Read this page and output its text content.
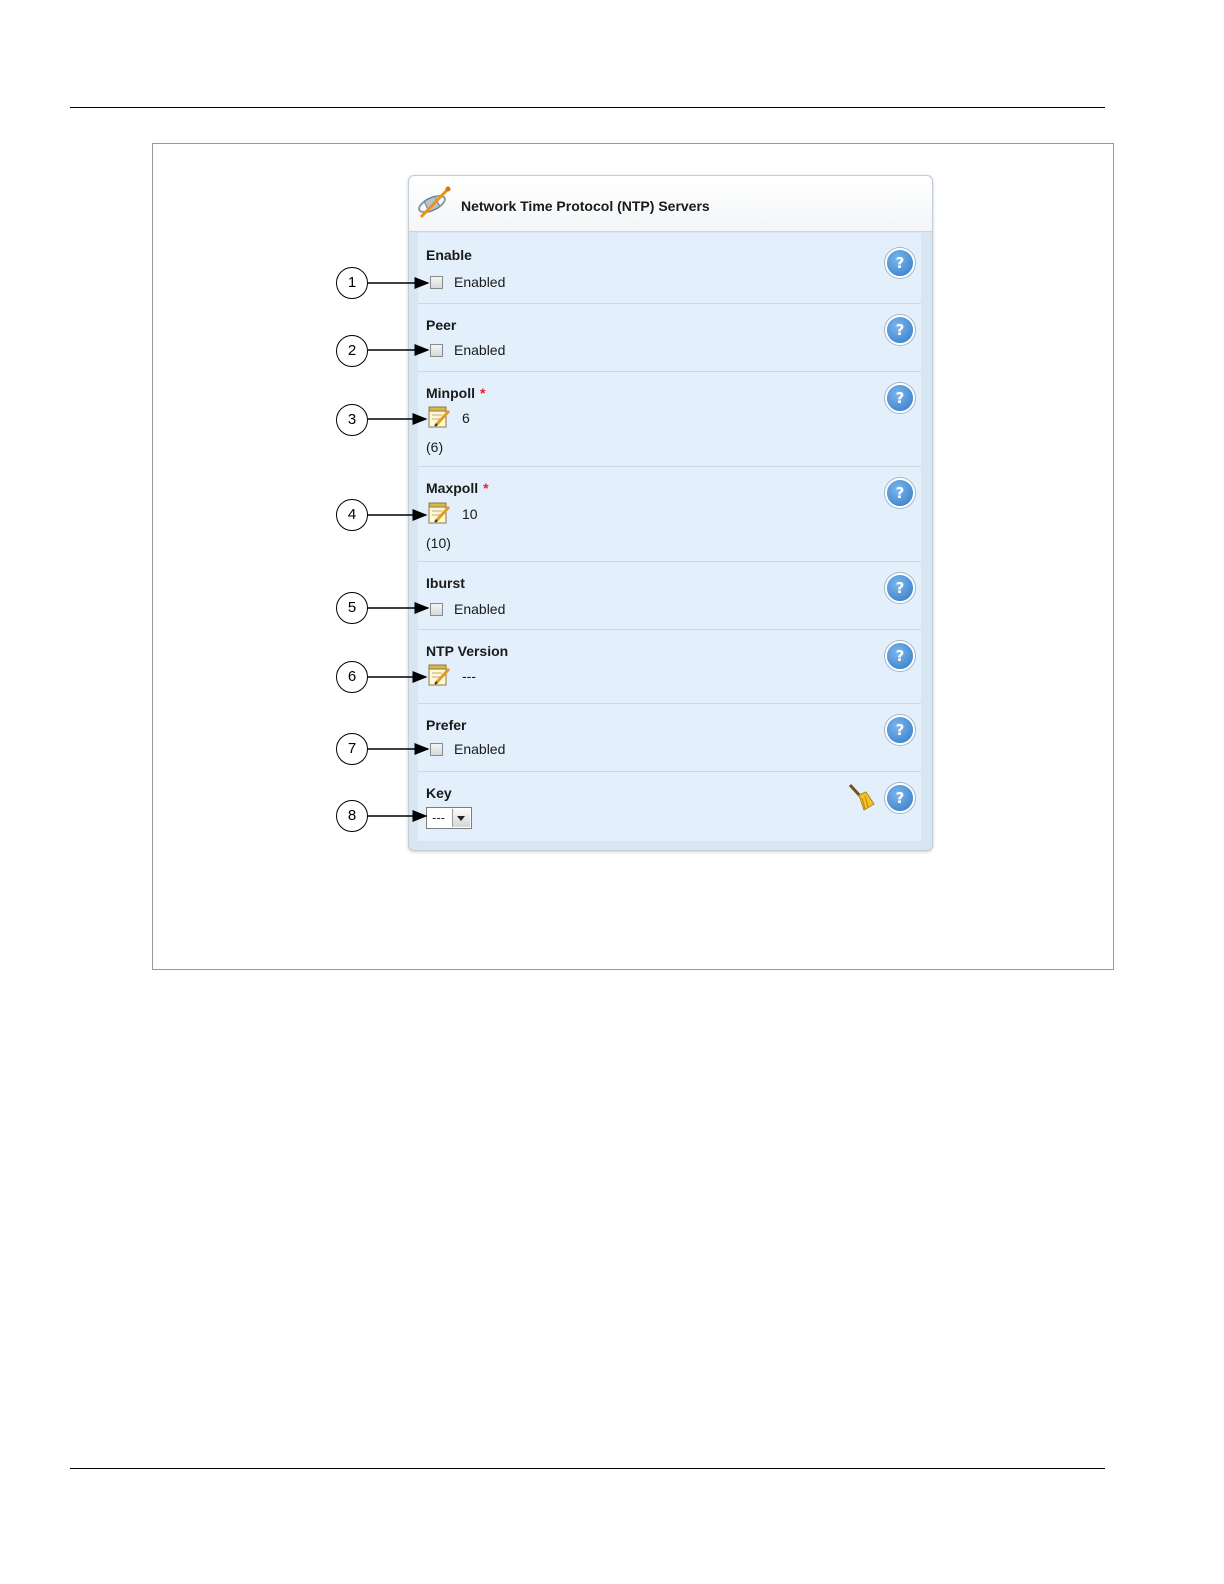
Network Time Protocol (NTP) Servers
Enable	?
Enabled
Peer	?
Enabled
Minpoll *	?
6
(6)
Maxpoll *	?
10
(10)
Iburst	?
Enabled
NTP Version	?
---
Prefer	?
Enabled
Key	?
---
1
2
3
4
5
6
7
8
